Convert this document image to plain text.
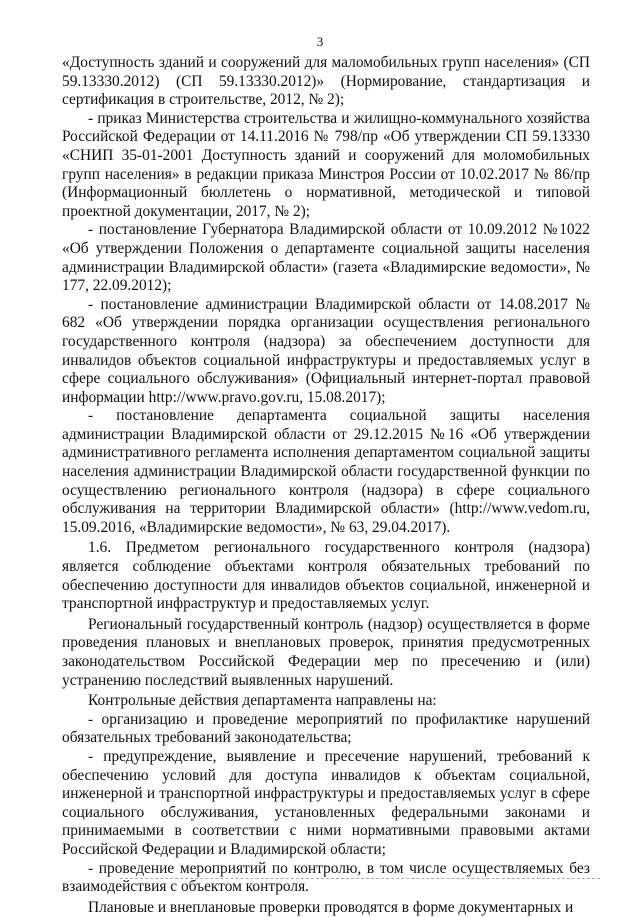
3

«Доступность зданий и сооружений для маломобильных групп населения» (СП 59.13330.2012) (СП 59.13330.2012)» (Нормирование, стандартизация и сертификация в строительстве, 2012, № 2);

- приказ Министерства строительства и жилищно-коммунального хозяйства Российской Федерации от 14.11.2016 № 798/пр «Об утверждении СП 59.13330 «СНИП 35-01-2001 Доступность зданий и сооружений для моломобильных групп населения» в редакции приказа Минстроя России от 10.02.2017 № 86/пр (Информационный бюллетень о нормативной, методической и типовой проектной документации, 2017, № 2);

- постановление Губернатора Владимирской области от 10.09.2012 №1022 «Об утверждении Положения о департаменте социальной защиты населения администрации Владимирской области» (газета «Владимирские ведомости», № 177, 22.09.2012);

- постановление администрации Владимирской области от 14.08.2017 № 682 «Об утверждении порядка организации осуществления регионального государственного контроля (надзора) за обеспечением доступности для инвалидов объектов социальной инфраструктуры и предоставляемых услуг в сфере социального обслуживания» (Официальный интернет-портал правовой информации http://www.pravo.gov.ru, 15.08.2017);

- постановление департамента социальной защиты населения администрации Владимирской области от 29.12.2015 №16 «Об утверждении административного регламента исполнения департаментом социальной защиты населения администрации Владимирской области государственной функции по осуществлению регионального контроля (надзора) в сфере социального обслуживания на территории Владимирской области» (http://www.vedom.ru, 15.09.2016, «Владимирские ведомости», № 63, 29.04.2017).

1.6. Предметом регионального государственного контроля (надзора) является соблюдение объектами контроля обязательных требований по обеспечению доступности для инвалидов объектов социальной, инженерной и транспортной инфраструктур и предоставляемых услуг.

Региональный государственный контроль (надзор) осуществляется в форме проведения плановых и внеплановых проверок, принятия предусмотренных законодательством Российской Федерации мер по пресечению и (или) устранению последствий выявленных нарушений.

Контрольные действия департамента направлены на:

- организацию и проведение мероприятий по профилактике нарушений обязательных требований законодательства;

- предупреждение, выявление и пресечение нарушений, требований к обеспечению условий для доступа инвалидов к объектам социальной, инженерной и транспортной инфраструктуры и предоставляемых услуг в сфере социального обслуживания, установленных федеральными законами и принимаемыми в соответствии с ними нормативными правовыми актами Российской Федерации и Владимирской области;

- проведение мероприятий по контролю, в том числе осуществляемых без взаимодействия с объектом контроля.

Плановые и внеплановые проверки проводятся в форме документарных и
